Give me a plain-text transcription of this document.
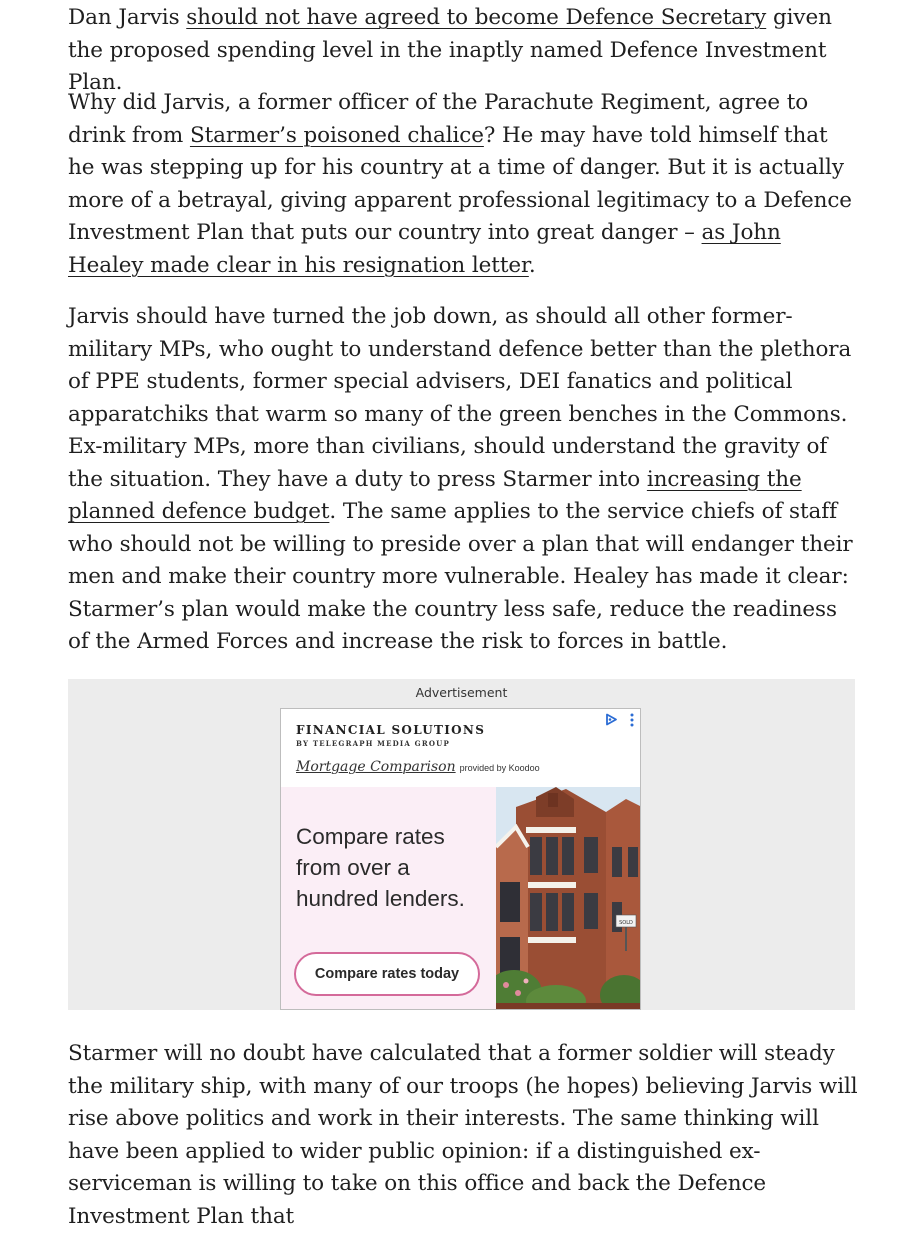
Dan Jarvis should not have agreed to become Defence Secretary given the proposed spending level in the inaptly named Defence Investment Plan.

Why did Jarvis, a former officer of the Parachute Regiment, agree to drink from Starmer’s poisoned chalice? He may have told himself that he was stepping up for his country at a time of danger. But it is actually more of a betrayal, giving apparent professional legitimacy to a Defence Investment Plan that puts our country into great danger – as John Healey made clear in his resignation letter.

Jarvis should have turned the job down, as should all other former-military MPs, who ought to understand defence better than the plethora of PPE students, former special advisers, DEI fanatics and political apparatchiks that warm so many of the green benches in the Commons. Ex-military MPs, more than civilians, should understand the gravity of the situation. They have a duty to press Starmer into increasing the planned defence budget. The same applies to the service chiefs of staff who should not be willing to preside over a plan that will endanger their men and make their country more vulnerable. Healey has made it clear: Starmer’s plan would make the country less safe, reduce the readiness of the Armed Forces and increase the risk to forces in battle.

Starmer will no doubt have calculated that a former soldier will steady the military ship, with many of our troops (he hopes) believing Jarvis will rise above politics and work in their interests. The same thinking will have been applied to wider public opinion: if a distinguished ex-serviceman is willing to take on this office and back the Defence Investment Plan that

Advertisement
FINANCIAL SOLUTIONS
BY TELEGRAPH MEDIA GROUP
Mortgage Comparison provided by Koodoo
Compare rates from over a hundred lenders.
Compare rates today
SOLD
